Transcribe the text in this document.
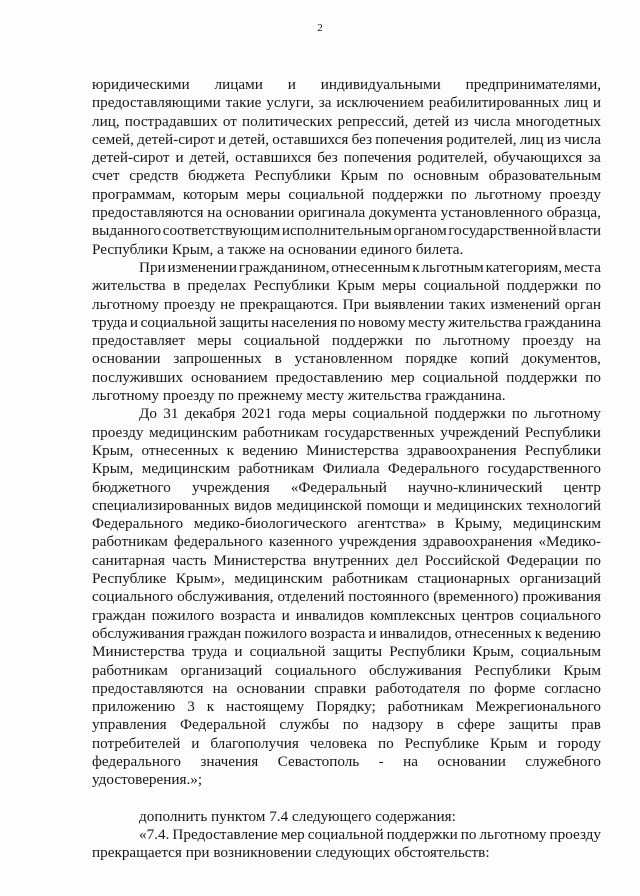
2
юридическими лицами и индивидуальными предпринимателями,
предоставляющими такие услуги, за исключением реабилитированных лиц и
лиц, пострадавших от политических репрессий, детей из числа многодетных
семей, детей-сирот и детей, оставшихся без попечения родителей, лиц из числа
детей-сирот и детей, оставшихся без попечения родителей, обучающихся за
счет средств бюджета Республики Крым по основным образовательным
программам, которым меры социальной поддержки по льготному проезду
предоставляются на основании оригинала документа установленного образца,
выданного соответствующим исполнительным органом государственной власти
Республики Крым, а также на основании единого билета.
При изменении гражданином, отнесенным к льготным категориям, места
жительства в пределах Республики Крым меры социальной поддержки по
льготному проезду не прекращаются. При выявлении таких изменений орган
труда и социальной защиты населения по новому месту жительства гражданина
предоставляет меры социальной поддержки по льготному проезду на
основании запрошенных в установленном порядке копий документов,
послуживших основанием предоставлению мер социальной поддержки по
льготному проезду по прежнему месту жительства гражданина.
До 31 декабря 2021 года меры социальной поддержки по льготному
проезду медицинским работникам государственных учреждений Республики
Крым, отнесенных к ведению Министерства здравоохранения Республики
Крым, медицинским работникам Филиала Федерального государственного
бюджетного учреждения «Федеральный научно-клинический центр
специализированных видов медицинской помощи и медицинских технологий
Федерального медико-биологического агентства» в Крыму, медицинским
работникам федерального казенного учреждения здравоохранения «Медико-
санитарная часть Министерства внутренних дел Российской Федерации по
Республике Крым», медицинским работникам стационарных организаций
социального обслуживания, отделений постоянного (временного) проживания
граждан пожилого возраста и инвалидов комплексных центров социального
обслуживания граждан пожилого возраста и инвалидов, отнесенных к ведению
Министерства труда и социальной защиты Республики Крым, социальным
работникам организаций социального обслуживания Республики Крым
предоставляются на основании справки работодателя по форме согласно
приложению 3 к настоящему Порядку; работникам Межрегионального
управления Федеральной службы по надзору в сфере защиты прав
потребителей и благополучия человека по Республике Крым и городу
федерального значения Севастополь - на основании служебного
удостоверения.»;
дополнить пунктом 7.4 следующего содержания:
«7.4. Предоставление мер социальной поддержки по льготному проезду
прекращается при возникновении следующих обстоятельств:
